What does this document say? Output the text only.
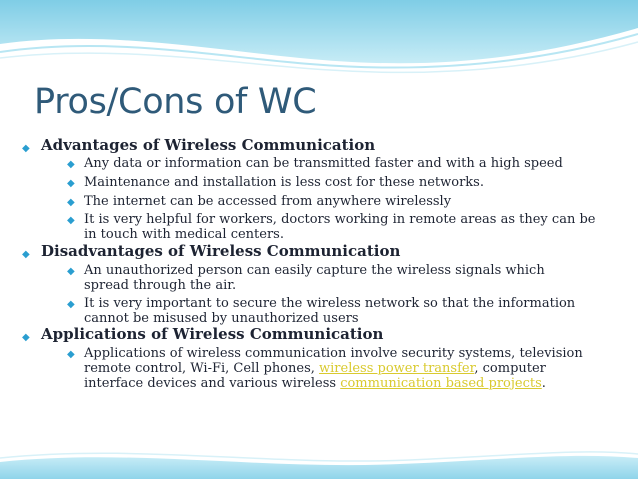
Pros/Cons of WC
◆ Advantages of Wireless Communication
◆ Any data or information can be transmitted faster and with a high speed
◆ Maintenance and installation is less cost for these networks.
◆ The internet can be accessed from anywhere wirelessly
◆ It is very helpful for workers, doctors working in remote areas as they can be in touch with medical centers.
◆ Disadvantages of Wireless Communication
◆ An unauthorized person can easily capture the wireless signals which spread through the air.
◆ It is very important to secure the wireless network so that the information cannot be misused by unauthorized users
◆ Applications of Wireless Communication
◆ Applications of wireless communication involve security systems, television remote control, Wi-Fi, Cell phones, wireless power transfer, computer interface devices and various wireless communication based projects.
